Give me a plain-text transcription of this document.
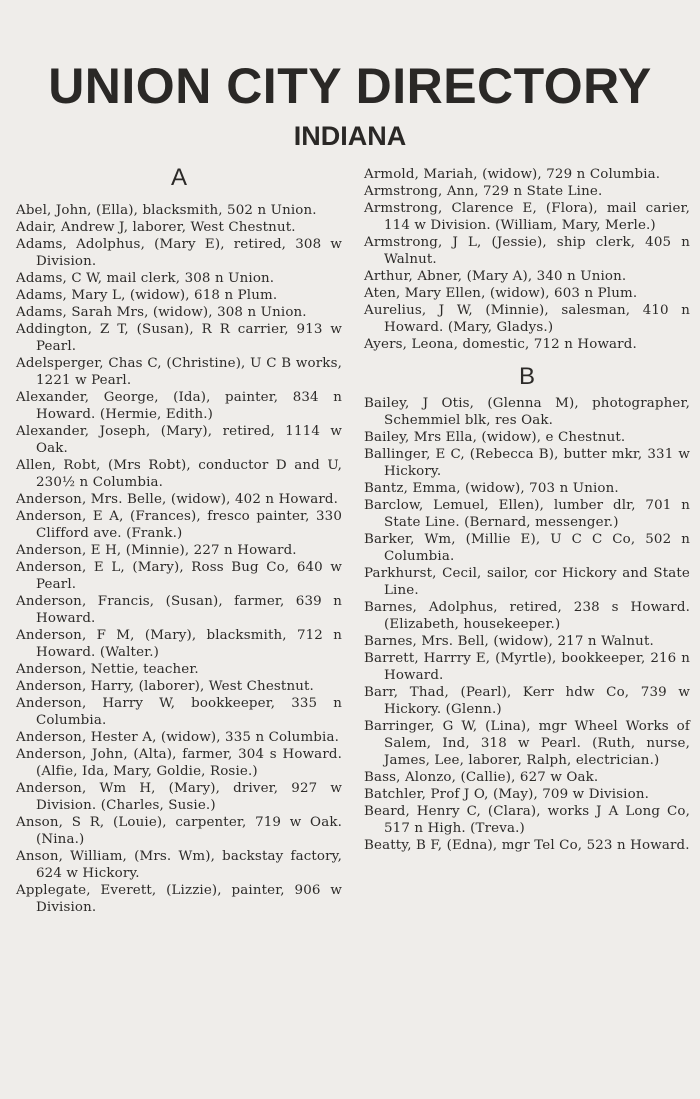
UNION CITY DIRECTORY
INDIANA
A
Abel, John, (Ella), blacksmith, 502 n Union.
Adair, Andrew J, laborer, West Chestnut.
Adams, Adolphus, (Mary E), retired, 308 w Division.
Adams, C W, mail clerk, 308 n Union.
Adams, Mary L, (widow), 618 n Plum.
Adams, Sarah Mrs, (widow), 308 n Union.
Addington, Z T, (Susan), R R carrier, 913 w Pearl.
Adelsperger, Chas C, (Christine), U C B works, 1221 w Pearl.
Alexander, George, (Ida), painter, 834 n Howard. (Hermie, Edith.)
Alexander, Joseph, (Mary), retired, 1114 w Oak.
Allen, Robt, (Mrs Robt), conductor D and U, 230½ n Columbia.
Anderson, Mrs. Belle, (widow), 402 n Howard.
Anderson, E A, (Frances), fresco painter, 330 Clifford ave. (Frank.)
Anderson, E H, (Minnie), 227 n Howard.
Anderson, E L, (Mary), Ross Bug Co, 640 w Pearl.
Anderson, Francis, (Susan), farmer, 639 n Howard.
Anderson, F M, (Mary), blacksmith, 712 n Howard. (Walter.)
Anderson, Nettie, teacher.
Anderson, Harry, (laborer), West Chestnut.
Anderson, Harry W, bookkeeper, 335 n Columbia.
Anderson, Hester A, (widow), 335 n Columbia.
Anderson, John, (Alta), farmer, 304 s Howard. (Alfie, Ida, Mary, Goldie, Rosie.)
Anderson, Wm H, (Mary), driver, 927 w Division. (Charles, Susie.)
Anson, S R, (Louie), carpenter, 719 w Oak. (Nina.)
Anson, William, (Mrs. Wm), backstay factory, 624 w Hickory.
Applegate, Everett, (Lizzie), painter, 906 w Division.
Armold, Mariah, (widow), 729 n Columbia.
Armstrong, Ann, 729 n State Line.
Armstrong, Clarence E, (Flora), mail carier, 114 w Division. (William, Mary, Merle.)
Armstrong, J L, (Jessie), ship clerk, 405 n Walnut.
Arthur, Abner, (Mary A), 340 n Union.
Aten, Mary Ellen, (widow), 603 n Plum.
Aurelius, J W, (Minnie), salesman, 410 n Howard. (Mary, Gladys.)
Ayers, Leona, domestic, 712 n Howard.
B
Bailey, J Otis, (Glenna M), photographer, Schemmiel blk, res Oak.
Bailey, Mrs Ella, (widow), e Chestnut.
Ballinger, E C, (Rebecca B), butter mkr, 331 w Hickory.
Bantz, Emma, (widow), 703 n Union.
Barclow, Lemuel, Ellen), lumber dlr, 701 n State Line. (Bernard, messenger.)
Barker, Wm, (Millie E), U C C Co, 502 n Columbia.
Parkhurst, Cecil, sailor, cor Hickory and State Line.
Barnes, Adolphus, retired, 238 s Howard. (Elizabeth, housekeeper.)
Barnes, Mrs. Bell, (widow), 217 n Walnut.
Barrett, Harrry E, (Myrtle), bookkeeper, 216 n Howard.
Barr, Thad, (Pearl), Kerr hdw Co, 739 w Hickory. (Glenn.)
Barringer, G W, (Lina), mgr Wheel Works of Salem, Ind, 318 w Pearl. (Ruth, nurse, James, Lee, laborer, Ralph, electrician.)
Bass, Alonzo, (Callie), 627 w Oak.
Batchler, Prof J O, (May), 709 w Division.
Beard, Henry C, (Clara), works J A Long Co, 517 n High. (Treva.)
Beatty, B F, (Edna), mgr Tel Co, 523 n Howard.
